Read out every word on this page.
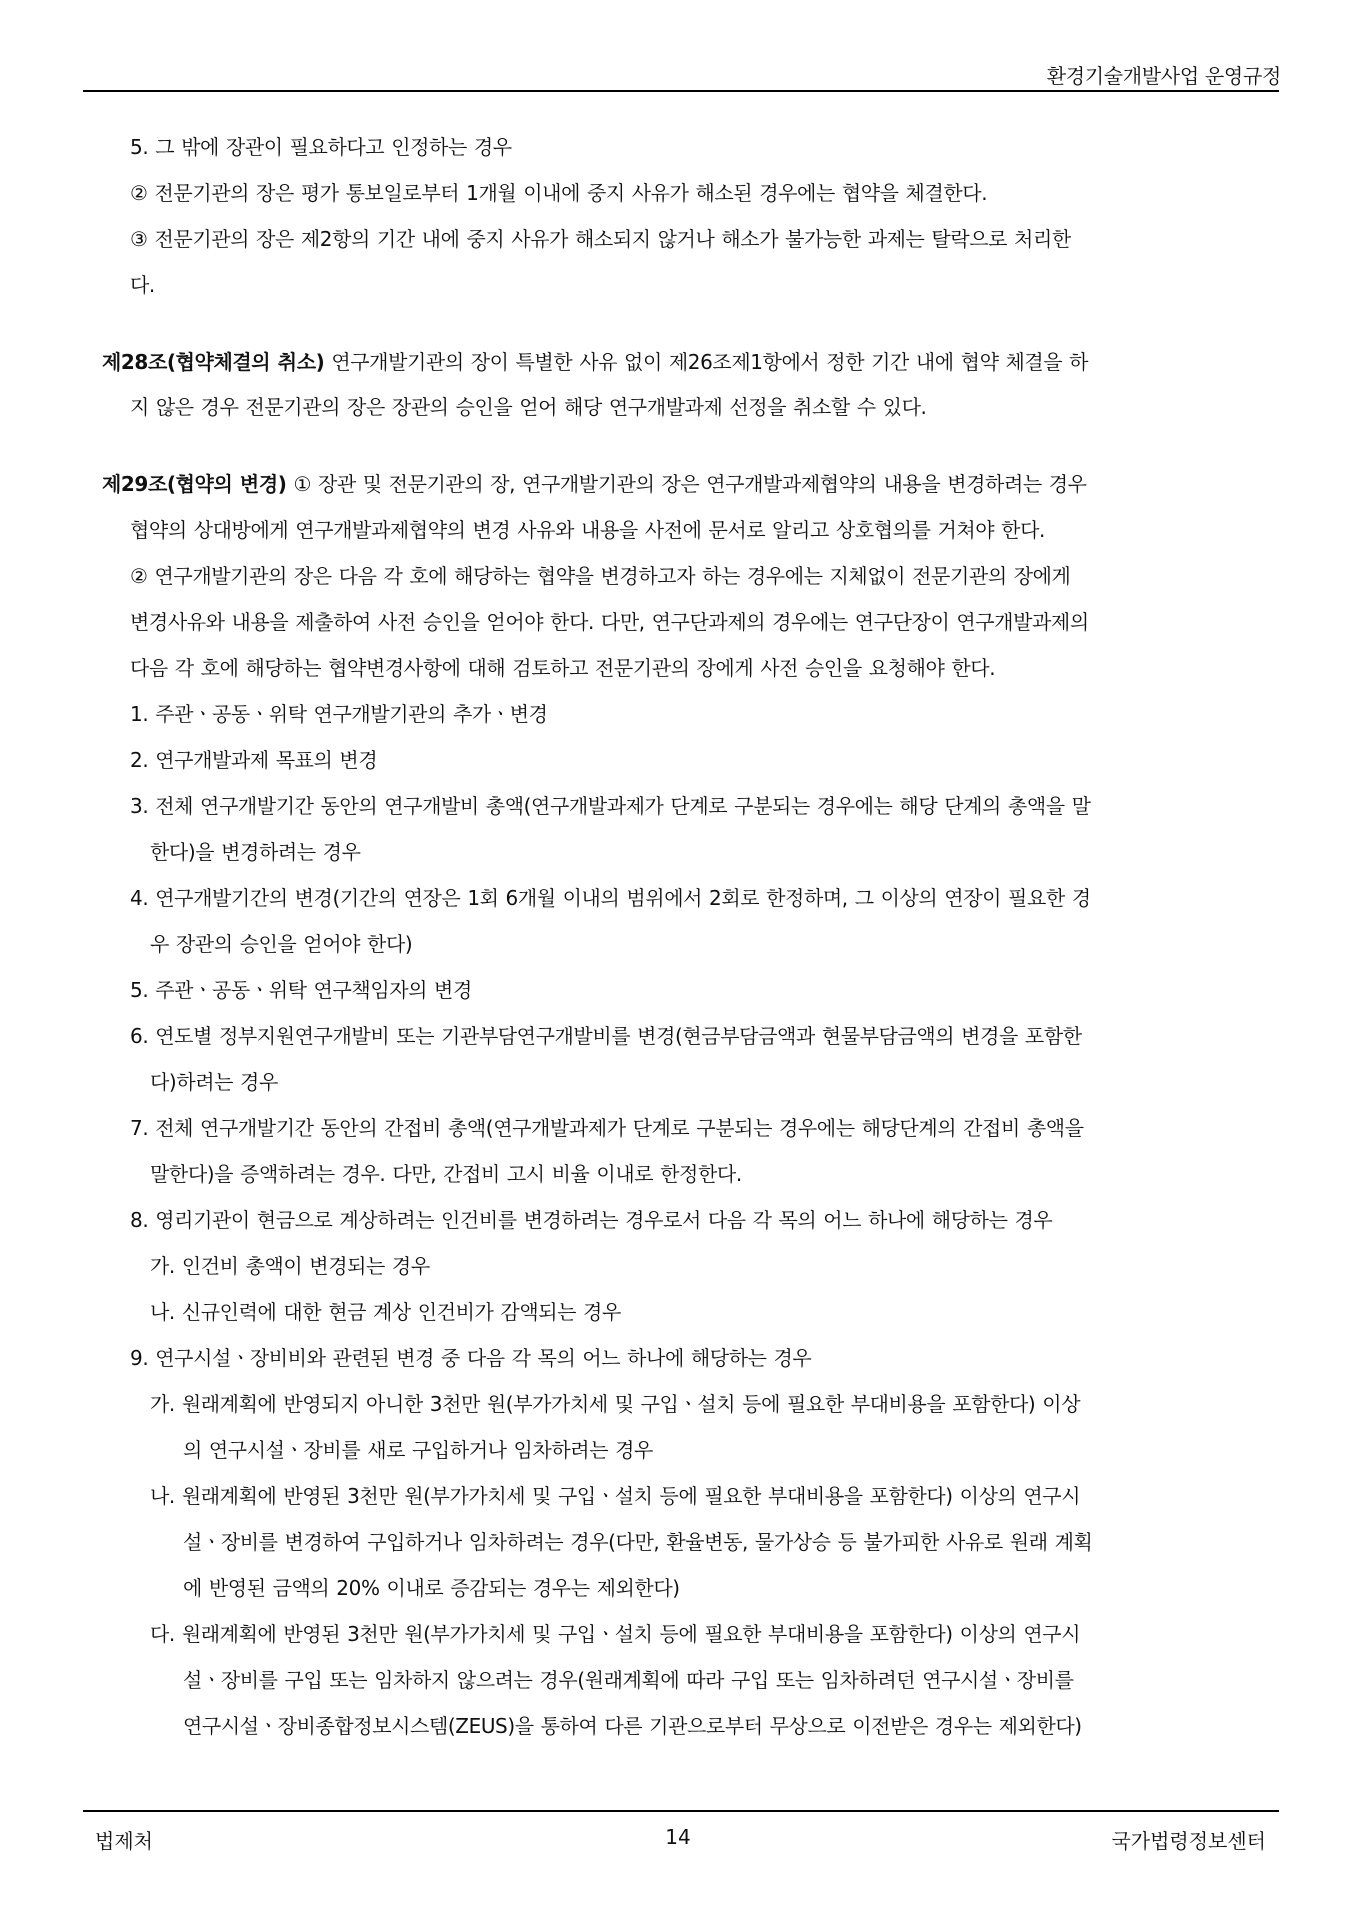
환경기술개발사업 운영규정
5. 그 밖에 장관이 필요하다고 인정하는 경우
② 전문기관의 장은 평가 통보일로부터 1개월 이내에 중지 사유가 해소된 경우에는 협약을 체결한다.
③ 전문기관의 장은 제2항의 기간 내에 중지 사유가 해소되지 않거나 해소가 불가능한 과제는 탈락으로 처리한
다.
제28조(협약체결의 취소) 연구개발기관의 장이 특별한 사유 없이 제26조제1항에서 정한 기간 내에 협약 체결을 하
지 않은 경우 전문기관의 장은 장관의 승인을 얻어 해당 연구개발과제 선정을 취소할 수 있다.
제29조(협약의 변경) ① 장관 및 전문기관의 장, 연구개발기관의 장은 연구개발과제협약의 내용을 변경하려는 경우
협약의 상대방에게 연구개발과제협약의 변경 사유와 내용을 사전에 문서로 알리고 상호협의를 거쳐야 한다.
② 연구개발기관의 장은 다음 각 호에 해당하는 협약을 변경하고자 하는 경우에는 지체없이 전문기관의 장에게
변경사유와 내용을 제출하여 사전 승인을 얻어야 한다. 다만, 연구단과제의 경우에는 연구단장이 연구개발과제의
다음 각 호에 해당하는 협약변경사항에 대해 검토하고 전문기관의 장에게 사전 승인을 요청해야 한다.
1. 주관ㆍ공동ㆍ위탁 연구개발기관의 추가ㆍ변경
2. 연구개발과제 목표의 변경
3. 전체 연구개발기간 동안의 연구개발비 총액(연구개발과제가 단계로 구분되는 경우에는 해당 단계의 총액을 말
한다)을 변경하려는 경우
4. 연구개발기간의 변경(기간의 연장은 1회 6개월 이내의 범위에서 2회로 한정하며, 그 이상의 연장이 필요한 경
우 장관의 승인을 얻어야 한다)
5. 주관ㆍ공동ㆍ위탁 연구책임자의 변경
6. 연도별 정부지원연구개발비 또는 기관부담연구개발비를 변경(현금부담금액과 현물부담금액의 변경을 포함한
다)하려는 경우
7. 전체 연구개발기간 동안의 간접비 총액(연구개발과제가 단계로 구분되는 경우에는 해당단계의 간접비 총액을
말한다)을 증액하려는 경우. 다만, 간접비 고시 비율 이내로 한정한다.
8. 영리기관이 현금으로 계상하려는 인건비를 변경하려는 경우로서 다음 각 목의 어느 하나에 해당하는 경우
가. 인건비 총액이 변경되는 경우
나. 신규인력에 대한 현금 계상 인건비가 감액되는 경우
9. 연구시설ㆍ장비비와 관련된 변경 중 다음 각 목의 어느 하나에 해당하는 경우
가. 원래계획에 반영되지 아니한 3천만 원(부가가치세 및 구입ㆍ설치 등에 필요한 부대비용을 포함한다) 이상
의 연구시설ㆍ장비를 새로 구입하거나 임차하려는 경우
나. 원래계획에 반영된 3천만 원(부가가치세 및 구입ㆍ설치 등에 필요한 부대비용을 포함한다) 이상의 연구시
설ㆍ장비를 변경하여 구입하거나 임차하려는 경우(다만, 환율변동, 물가상승 등 불가피한 사유로 원래 계획
에 반영된 금액의 20% 이내로 증감되는 경우는 제외한다)
다. 원래계획에 반영된 3천만 원(부가가치세 및 구입ㆍ설치 등에 필요한 부대비용을 포함한다) 이상의 연구시
설ㆍ장비를 구입 또는 임차하지 않으려는 경우(원래계획에 따라 구입 또는 임차하려던 연구시설ㆍ장비를
연구시설ㆍ장비종합정보시스템(ZEUS)을 통하여 다른 기관으로부터 무상으로 이전받은 경우는 제외한다)
법제처	14	국가법령정보센터
